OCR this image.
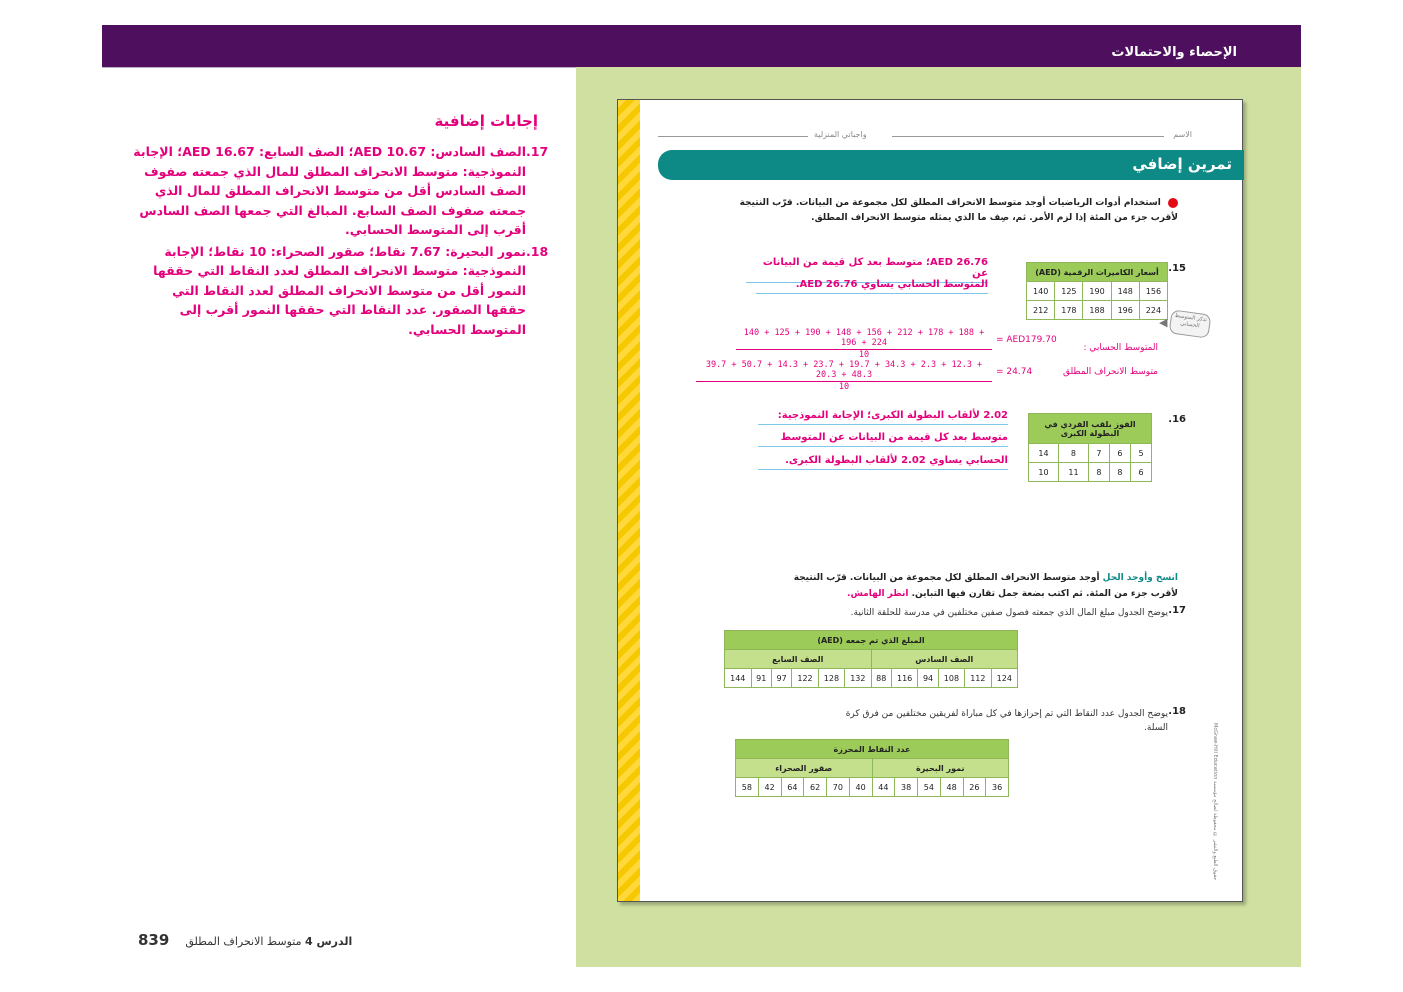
الإحصاء والاحتمالات
إجابات إضافية
17.
الصف السادس: AED 10.67؛ الصف السابع: AED 16.67؛ الإجابة النموذجية: متوسط الانحراف المطلق للمال الذي جمعته صفوف الصف السادس أقل من متوسط الانحراف المطلق للمال الذي جمعته صفوف الصف السابع. المبالغ التي جمعها الصف السادس أقرب إلى المتوسط الحسابي.
18.
نمور البحيرة: 7.67 نقاط؛ صقور الصحراء: 10 نقاط؛ الإجابة النموذجية: متوسط الانحراف المطلق لعدد النقاط التي حققها النمور أقل من متوسط الانحراف المطلق لعدد النقاط التي حققها الصقور. عدد النقاط التي حققها النمور أقرب إلى المتوسط الحسابي.
839	الدرس 4 متوسط الانحراف المطلق
الاسم
واجباتي المنزلية
تمرين إضافي
استخدام أدوات الرياضيات أوجد متوسط الانحراف المطلق لكل مجموعة من البيانات. قرّب النتيجة لأقرب جزء من المئة إذا لزم الأمر. ثم، صِف ما الذي يمثله متوسط الانحراف المطلق.
15.
أسعار الكاميرات الرقمية (AED)				
156	148	190	125	140
224	196	188	178	212
AED 26.76؛ متوسط بعد كل قيمة من البيانات عن
المتوسط الحسابي يساوي AED 26.76.
تذكر المتوسط الحسابي
◀
المتوسط الحسابي :
$\frac{140 + 125 + 190 + 148 + 156 + 212 + 178 + 188 + 196 + 224}{10} = AED179.70$
متوسط الانحراف المطلق
39.7 + 50.7 + 14.3 + 23.7 + 19.7 + 34.3 + 2.3 + 12.3 + 20.3 + 48.3
10
= 24.74
16.
الفوز بلقب الفردي في البطولة الكبرى				
5	6	7	8	14
6	8	8	11	10
2.02 لألقاب البطولة الكبرى؛ الإجابة النموذجية:
متوسط بعد كل قيمة من البيانات عن المتوسط
الحسابي يساوي 2.02 لألقاب البطولة الكبرى.
انسخ وأوجد الحل أوجد متوسط الانحراف المطلق لكل مجموعة من البيانات. قرّب النتيجة لأقرب جزء من المئة. ثم اكتب بضعة جمل تقارن فيها التباين. انظر الهامش.
17.
يوضح الجدول مبلغ المال الذي جمعته فصول صفين مختلفين في مدرسة للحلقة الثانية.
المبلغ الذي تم جمعه (AED)											
الصف السادس						الصف السابع					
124	112	108	94	116	88	132	128	122	97	91	144
18.
يوضح الجدول عدد النقاط التي تم إحرازها في كل مباراة لفريقين مختلفين من فرق كرة السلة.
عدد النقاط المحرزة											
نمور البحيرة						صقور الصحراء					
36	26	48	54	38	44	40	70	62	64	42	58
حقوق الطبع والنشر © محفوظة لصالح مؤسسة McGraw-Hill Education
